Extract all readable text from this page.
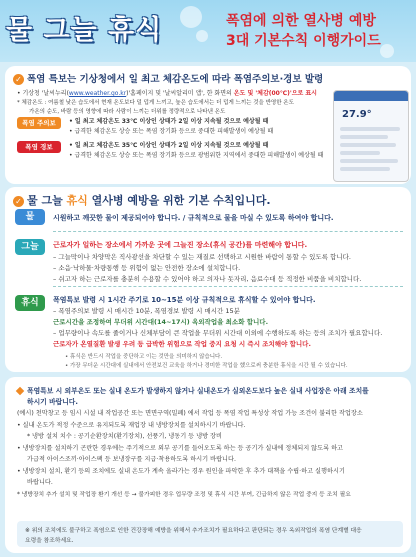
물 그늘 휴식	폭염에 의한 열사병 예방
3대 기본수칙 이행가이드
✓ 폭염 특보는 기상청에서 일 최고 체감온도에 따라 폭염주의보·경보 발령
• 기상청 '날씨누리(www.weather.go.kr)'홈페이지 및 '날씨알리미 앱', 한 화면의 온도 및 '체감(00℃)'으로 표시
* 체감온도 : 여름철 낮은 습도에서 현재 온도보다 덜 덥게 느끼고, 높은 습도에서는 더 덥게 느끼는 것을 반영한 온도
가온의 순도, 바람 등의 영향에 따라 사람이 느끼는 더위를 정량적으로 나타낸 온도
폭염 주의보	• 일 최고 체감온도 33℃ 이상인 상태가 2일 이상 지속될 것으로 예상될 때
• 급격한 체감온도 상승 또는 폭염 장기화 등으로 중대한 피해발생이 예상될 때
폭염 경보	• 일 최고 체감온도 35℃ 이상인 상태가 2일 이상 지속될 것으로 예상될 때
• 급격한 체감온도 상승 또는 폭염 장기화 등으로 광범위한 지역에서 중대한 피해발생이 예상될 때
27.9°
✓ 물 그늘 휴식 열사병 예방을 위한 기본 수칙입니다.
물	시원하고 깨끗한 물이 제공되어야 합니다. / 규칙적으로 물을 마실 수 있도록 하여야 합니다.
그늘	근로자가 일하는 장소에서 가까운 곳에 그늘진 장소(휴식 공간)를 마련해야 합니다.
– 그늘막이나 차양막은 직사광선을 차단할 수 있는 재질로 선택하고 시원한 바람이 통할 수 있도록 합니다.
– 소음·낙하물·차량통행 등 위험이 없는 안전한 장소에 설치합니다.
– 쉬고자 하는 근로자를 충분히 수용할 수 있어야 하고 의자나 돗자리, 음료수대 등 적정한 비품을 비치합니다.
휴식	폭염특보 발령 시 1시간 주기로 10~15분 이상 규칙적으로 휴식할 수 있어야 합니다.
– 폭염주의보 발령 시 매시간 10분, 폭염경보 발령 시 매시간 15분
근로시간을 조정하여 무더위 시간대(14~17시) 옥외작업을 최소화 합니다.
– 업무량이나 속도를 줄이거나 신체부담이 큰 작업을 무더위 시간대 이외에 수행하도록 하는 등의 조치가 필요합니다.
근로자가 온열질환 발생 우려 등 급박한 위험으로 작업 중지 요청 시 즉시 조치해야 합니다.
• 휴식은 반드시 작업을 중단하고 이는 것만을 의미하지 않습니다.
• 가장 무더운 시간대에 실내에서 안전보건 교육을 하거나 경미한 작업을 했으로써 충분한 휴식을 시간 될 수 있습니다.
폭염특보 시 외부온도 또는 실내 온도가 발생하지 않거나 실내온도가 실외온도보다 높은 실내 사업장은 아래 조치를
하시기 바랍니다.
(예시) 천막창고 등 임시 시설 내 작업공간 또는 면면구역(밀폐) 에서 작업 등 폭염 작업 특성상 작업 가능 조건이 불리한 작업장소
• 실내 온도가 적정 수준으로 유지되도록 재업장 내 냉방장치를 설치하시기 바랍니다.
* 냉방 설치 치수 : 공기순환장치(환기장치), 선풍기, 냉동기 등 냉방 장비
• 냉방장치를 설치하기 곤란한 경우에는 주기적으로 외부 공기를 들어오도록 하는 등 공기가 실내에 정체되지 않도록 하고
가급적 아이스조끼·아이스팩 등 보냉장구를 지급·착용하도록 하시기 바랍니다.
• 냉방장치 설치, 환기 등의 조치에도 실내 온도가 계속 올라가는 경우 원인을 파악한 후 추가 대책을 수립·하고 실행하시기
바랍니다.
* 냉방장치 추가 설치 및 작업장 환기 개선 등 → 불가피한 경우 업무량 조정 및 휴식 시간 부여, 긴급하지 않은 작업 중지 등 조치 필요
※ 위의 조치에도 불구하고 폭염으로 인한 건강장해 예방을 위해서 추가조치가 필요하다고 판단되는 경우 옥외작업의 폭염 단계별 대응
요령을 참조하세요.
